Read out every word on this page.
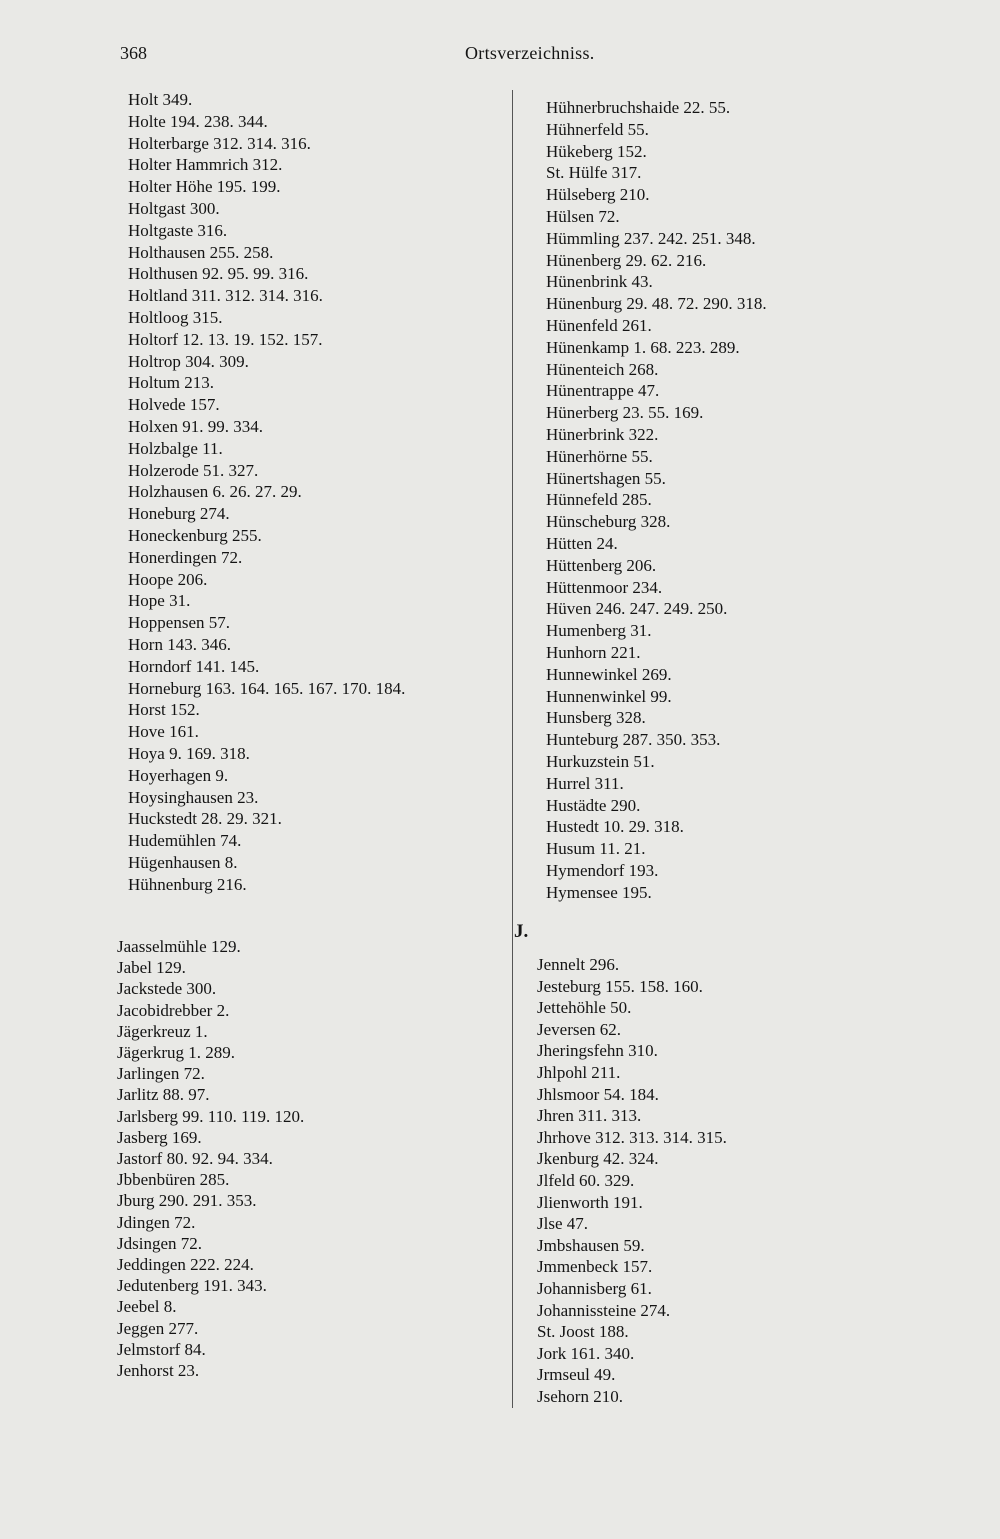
368	Ortsverzeichniss.
Holt 349.
Holte 194. 238. 344.
Holterbarge 312. 314. 316.
Holter Hammrich 312.
Holter Höhe 195. 199.
Holtgast 300.
Holtgaste 316.
Holthausen 255. 258.
Holthusen 92. 95. 99. 316.
Holtland 311. 312. 314. 316.
Holtloog 315.
Holtorf 12. 13. 19. 152. 157.
Holtrop 304. 309.
Holtum 213.
Holvede 157.
Holxen 91. 99. 334.
Holzbalge 11.
Holzerode 51. 327.
Holzhausen 6. 26. 27. 29.
Honeburg 274.
Honeckenburg 255.
Honerdingen 72.
Hoope 206.
Hope 31.
Hoppensen 57.
Horn 143. 346.
Horndorf 141. 145.
Horneburg 163. 164. 165. 167. 170. 184.
Horst 152.
Hove 161.
Hoya 9. 169. 318.
Hoyerhagen 9.
Hoysinghausen 23.
Huckstedt 28. 29. 321.
Hudemühlen 74.
Hügenhausen 8.
Hühnenburg 216.
Hühnerbruchshaide 22. 55.
Hühnerfeld 55.
Hükeberg 152.
St. Hülfe 317.
Hülseberg 210.
Hülsen 72.
Hümmling 237. 242. 251. 348.
Hünenberg 29. 62. 216.
Hünenbrink 43.
Hünenburg 29. 48. 72. 290. 318.
Hünenfeld 261.
Hünenkamp 1. 68. 223. 289.
Hünenteich 268.
Hünentrappe 47.
Hünerberg 23. 55. 169.
Hünerbrink 322.
Hünerhörne 55.
Hünertshagen 55.
Hünnefeld 285.
Hünscheburg 328.
Hütten 24.
Hüttenberg 206.
Hüttenmoor 234.
Hüven 246. 247. 249. 250.
Humenberg 31.
Hunhorn 221.
Hunnewinkel 269.
Hunnenwinkel 99.
Hunsberg 328.
Hunteburg 287. 350. 353.
Hurkuzstein 51.
Hurrel 311.
Hustädte 290.
Hustedt 10. 29. 318.
Husum 11. 21.
Hymendorf 193.
Hymensee 195.
J.
Jaasselmühle 129.
Jabel 129.
Jackstede 300.
Jacobidrebber 2.
Jägerkreuz 1.
Jägerkrug 1. 289.
Jarlingen 72.
Jarlitz 88. 97.
Jarlsberg 99. 110. 119. 120.
Jasberg 169.
Jastorf 80. 92. 94. 334.
Jbbenbüren 285.
Jburg 290. 291. 353.
Jdingen 72.
Jdsingen 72.
Jeddingen 222. 224.
Jedutenberg 191. 343.
Jeebel 8.
Jeggen 277.
Jelmstorf 84.
Jenhorst 23.
Jennelt 296.
Jesteburg 155. 158. 160.
Jettehöhle 50.
Jeversen 62.
Jheringsfehn 310.
Jhlpohl 211.
Jhlsmoor 54. 184.
Jhren 311. 313.
Jhrhove 312. 313. 314. 315.
Jkenburg 42. 324.
Jlfeld 60. 329.
Jlienworth 191.
Jlse 47.
Jmbshausen 59.
Jmmenbeck 157.
Johannisberg 61.
Johannissteine 274.
St. Joost 188.
Jork 161. 340.
Jrmseul 49.
Jsehorn 210.
